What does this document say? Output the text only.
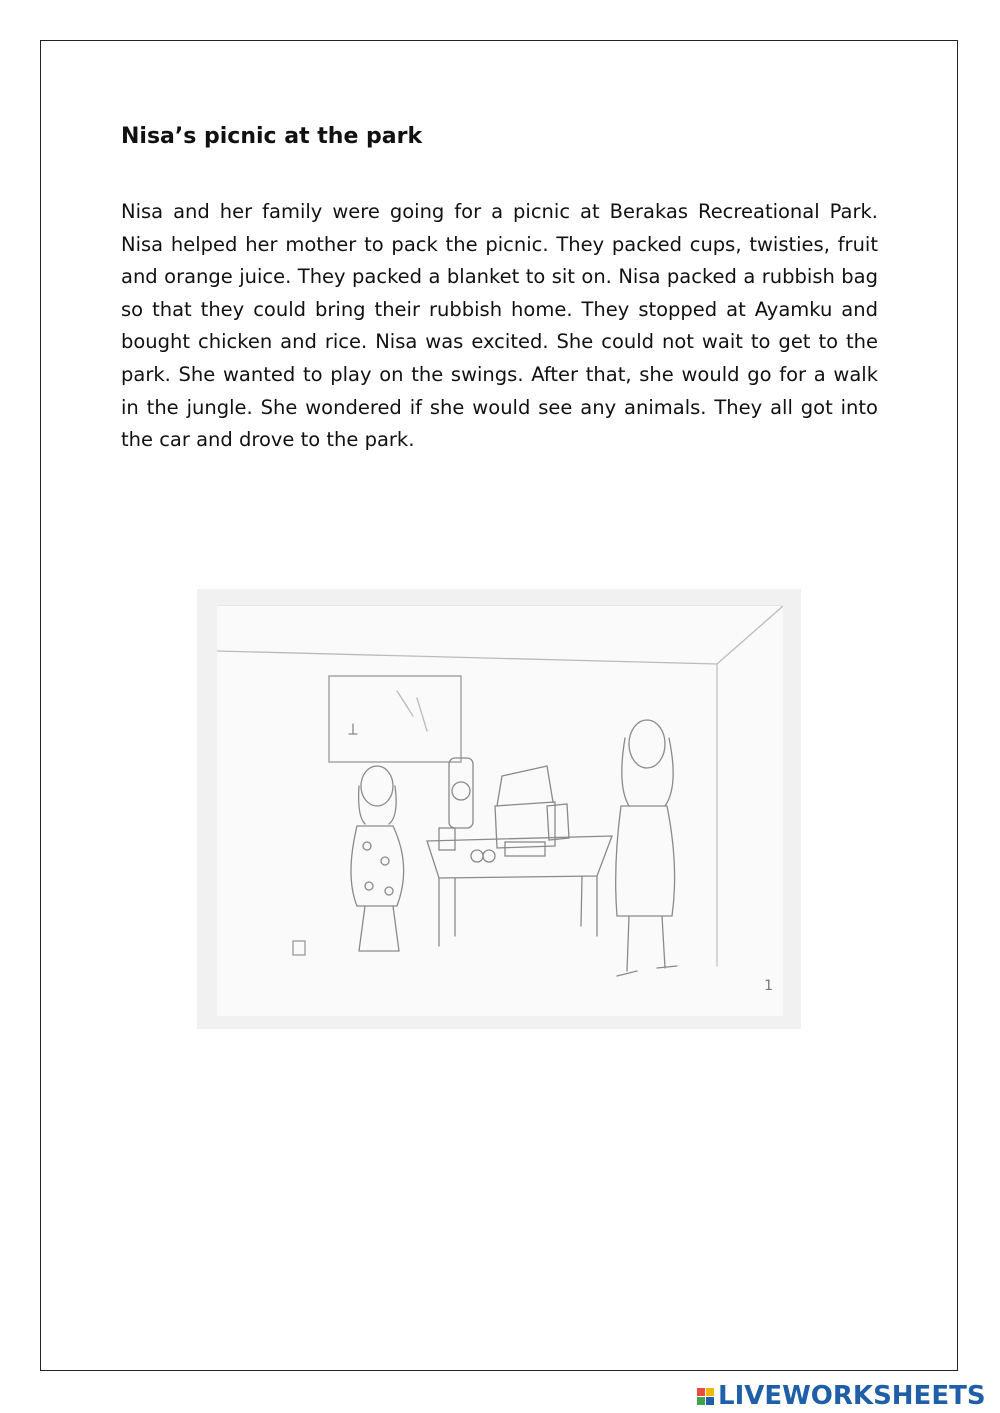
Nisa’s picnic at the park

Nisa and her family were going for a picnic at Berakas Recreational Park. Nisa helped her mother to pack the picnic. They packed cups, twisties, fruit and orange juice. They packed a blanket to sit on. Nisa packed a rubbish bag so that they could bring their rubbish home. They stopped at Ayamku and bought chicken and rice. Nisa was excited. She could not wait to get to the park. She wanted to play on the swings. After that, she would go for a walk in the jungle. She wondered if she would see any animals. They all got into the car and drove to the park.

1
LIVEWORKSHEETS
